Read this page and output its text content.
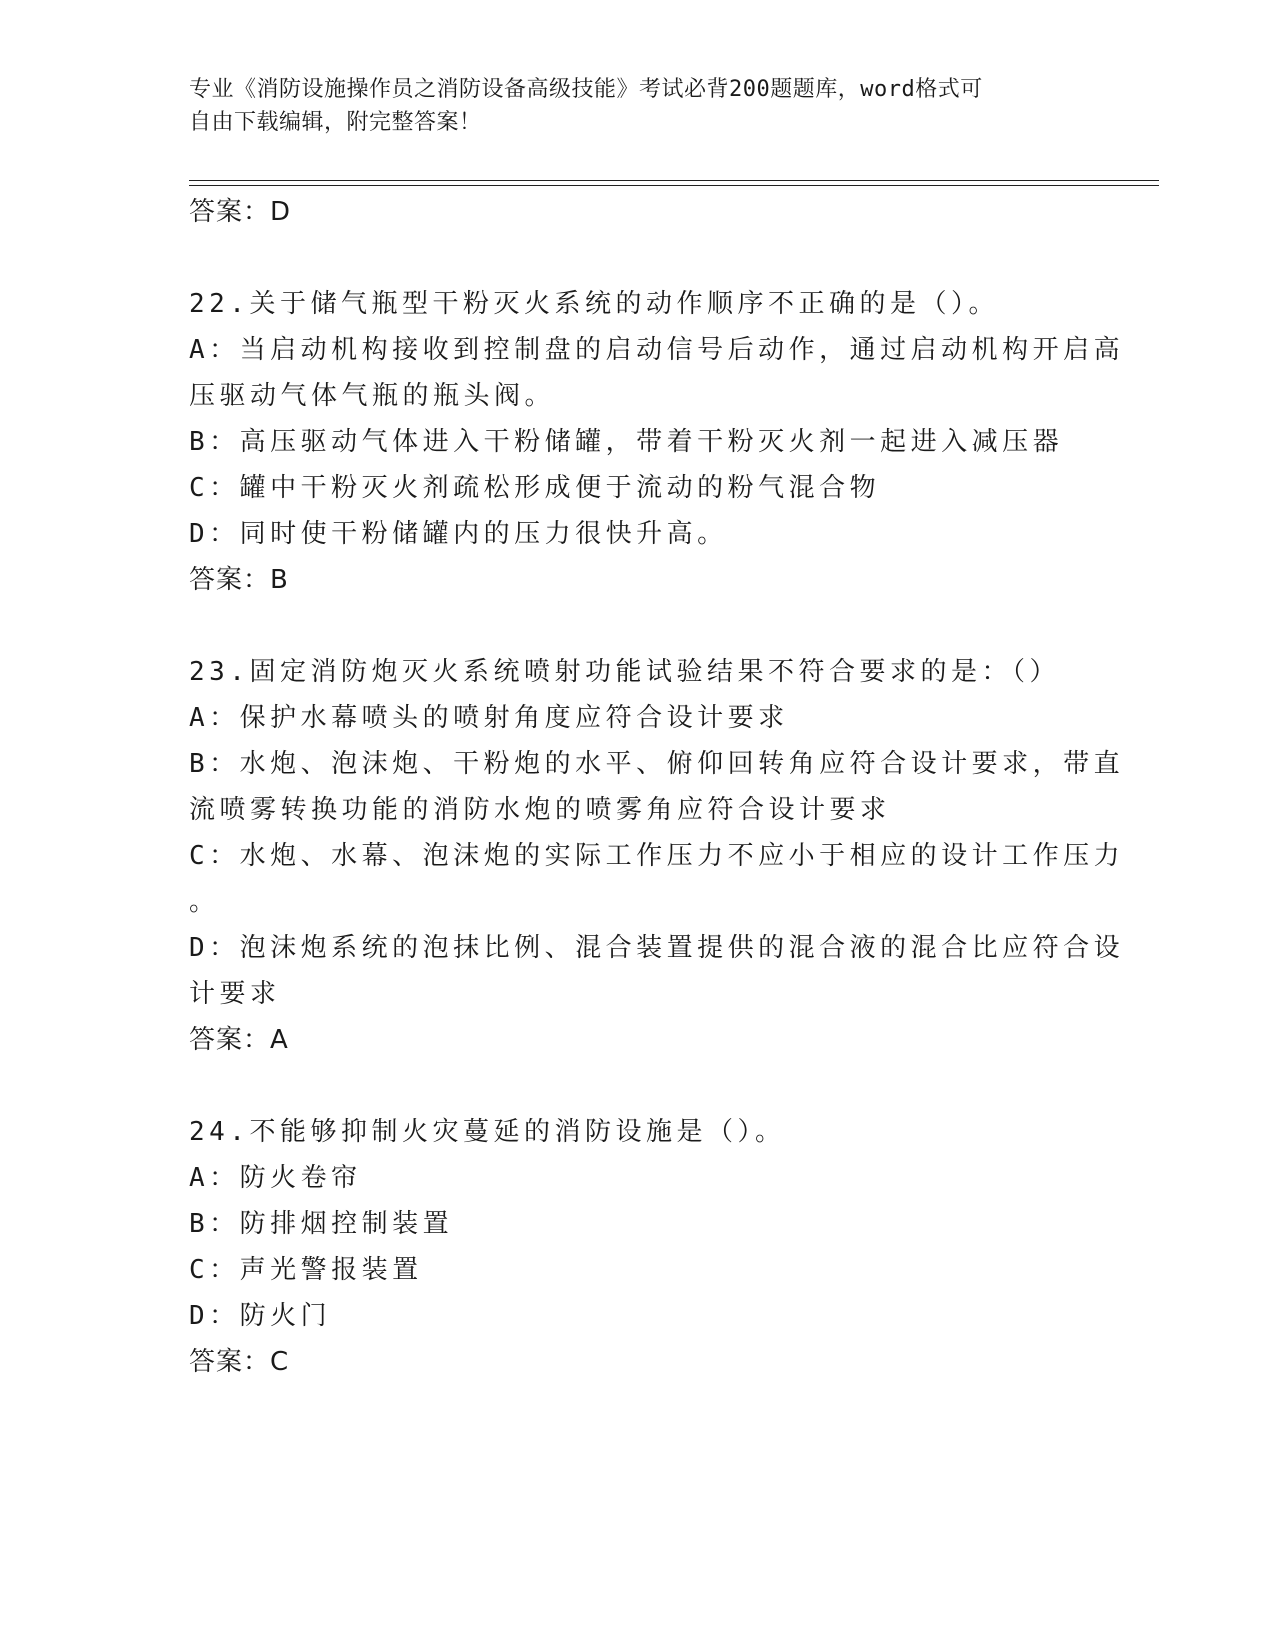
专业《消防设施操作员之消防设备高级技能》考试必背200题题库，word格式可
自由下载编辑，附完整答案！
答案：D
22.关于储气瓶型干粉灭火系统的动作顺序不正确的是（）。
A：当启动机构接收到控制盘的启动信号后动作，通过启动机构开启高
压驱动气体气瓶的瓶头阀。
B：高压驱动气体进入干粉储罐，带着干粉灭火剂一起进入减压器
C：罐中干粉灭火剂疏松形成便于流动的粉气混合物
D：同时使干粉储罐内的压力很快升高。
答案：B
23.固定消防炮灭火系统喷射功能试验结果不符合要求的是：（）
A：保护水幕喷头的喷射角度应符合设计要求
B：水炮、泡沫炮、干粉炮的水平、俯仰回转角应符合设计要求，带直
流喷雾转换功能的消防水炮的喷雾角应符合设计要求
C：水炮、水幕、泡沫炮的实际工作压力不应小于相应的设计工作压力
。
D：泡沫炮系统的泡抹比例、混合装置提供的混合液的混合比应符合设
计要求
答案：A
24.不能够抑制火灾蔓延的消防设施是（）。
A：防火卷帘
B：防排烟控制装置
C：声光警报装置
D：防火门
答案：C
